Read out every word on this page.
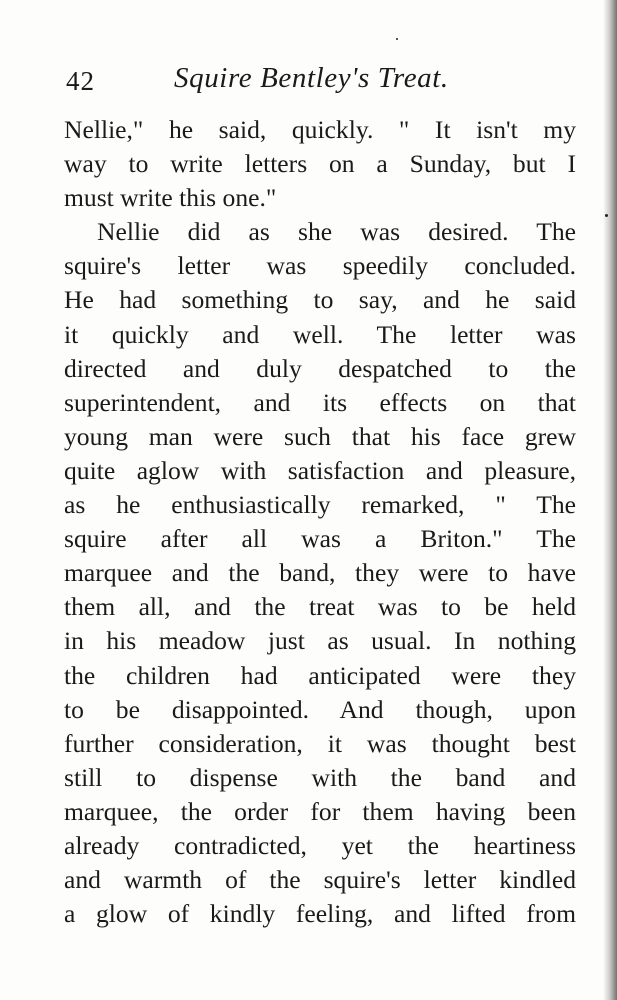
42	Squire Bentley's Treat.
Nellie," he said, quickly. " It isn't my
way to write letters on a Sunday, but I
must write this one."
Nellie did as she was desired. The
squire's letter was speedily concluded.
He had something to say, and he said
it quickly and well. The letter was
directed and duly despatched to the
superintendent, and its effects on that
young man were such that his face grew
quite aglow with satisfaction and pleasure,
as he enthusiastically remarked, " The
squire after all was a Briton." The
marquee and the band, they were to have
them all, and the treat was to be held
in his meadow just as usual. In nothing
the children had anticipated were they
to be disappointed. And though, upon
further consideration, it was thought best
still to dispense with the band and
marquee, the order for them having been
already contradicted, yet the heartiness
and warmth of the squire's letter kindled
a glow of kindly feeling, and lifted from
